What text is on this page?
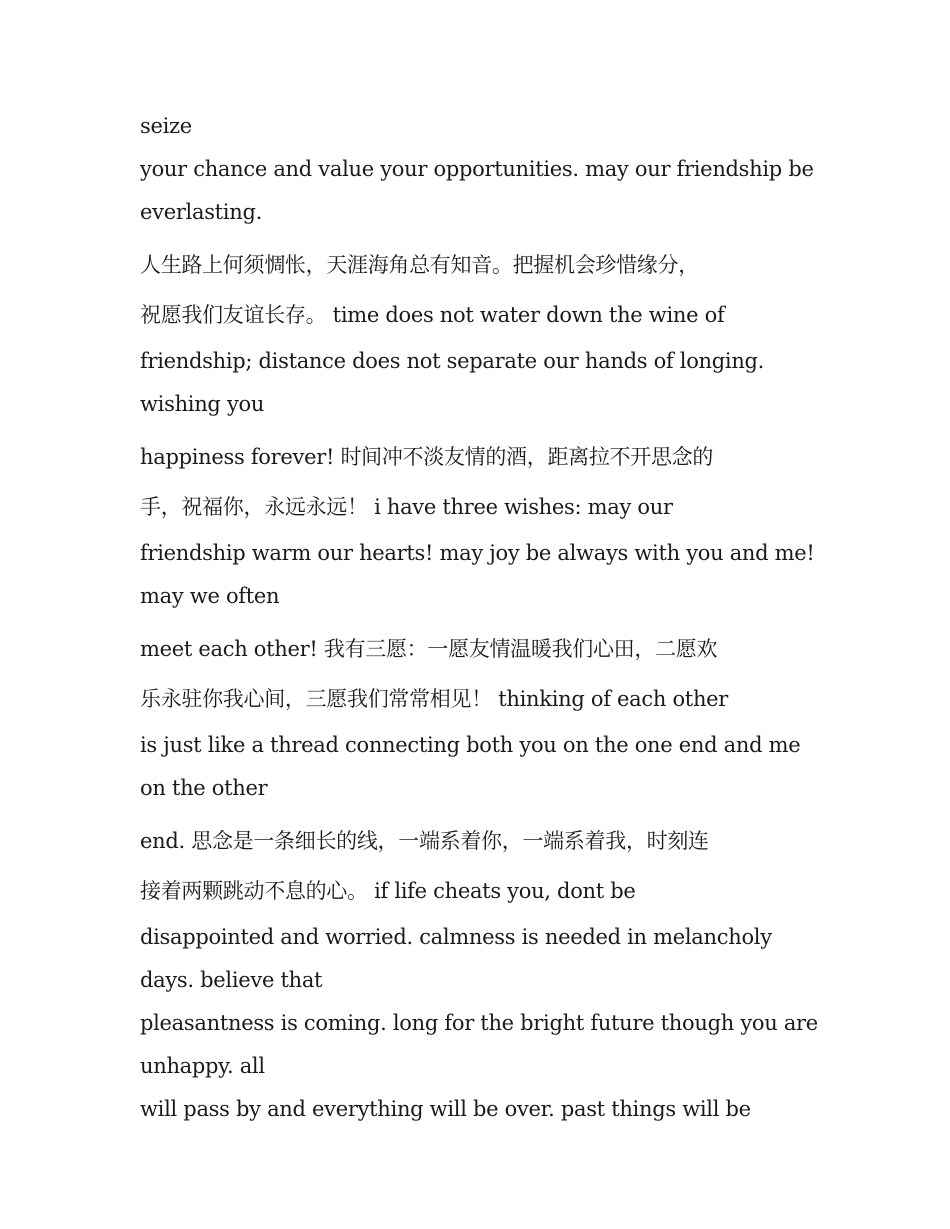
seize
your chance and value your opportunities. may our friendship be
everlasting.
人生路上何须惆怅，天涯海角总有知音。把握机会珍惜缘分，
祝愿我们友谊长存。 time does not water down the wine of
friendship; distance does not separate our hands of longing.
wishing you
happiness forever! 时间冲不淡友情的酒，距离拉不开思念的
手，祝福你，永远永远！ i have three wishes: may our
friendship warm our hearts! may joy be always with you and me!
may we often
meet each other! 我有三愿：一愿友情温暖我们心田，二愿欢
乐永驻你我心间，三愿我们常常相见！ thinking of each other
is just like a thread connecting both you on the one end and me
on the other
end. 思念是一条细长的线，一端系着你，一端系着我，时刻连
接着两颗跳动不息的心。 if life cheats you, dont be
disappointed and worried. calmness is needed in melancholy
days. believe that
pleasantness is coming. long for the bright future though you are
unhappy. all
will pass by and everything will be over. past things will be
